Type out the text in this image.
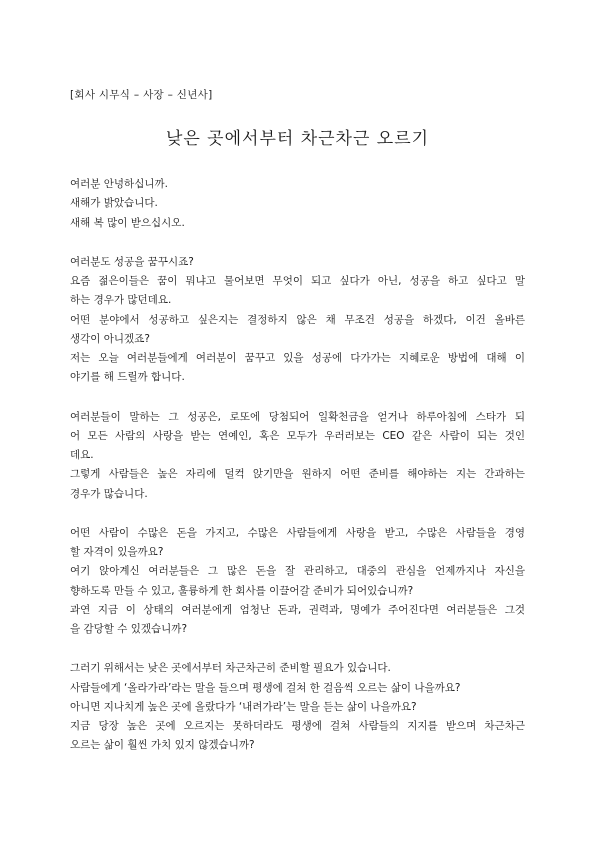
[회사 시무식 – 사장 – 신년사]
낮은 곳에서부터 차근차근 오르기
여러분 안녕하십니까.
새해가 밝았습니다.
새해 복 많이 받으십시오.
여러분도 성공을 꿈꾸시죠?
요즘 젊은이들은 꿈이 뭐냐고 물어보면 무엇이 되고 싶다가 아닌, 성공을 하고 싶다고 말
하는 경우가 많던데요.
어떤 분야에서 성공하고 싶은지는 결정하지 않은 채 무조건 성공을 하겠다, 이건 올바른
생각이 아니겠죠?
저는 오늘 여러분들에게 여러분이 꿈꾸고 있을 성공에 다가가는 지혜로운 방법에 대해 이
야기를 해 드릴까 합니다.
여러분들이 말하는 그 성공은, 로또에 당첨되어 일확천금을 얻거나 하루아침에 스타가 되
어 모든 사람의 사랑을 받는 연예인, 혹은 모두가 우러러보는 CEO 같은 사람이 되는 것인
데요.
그렇게 사람들은 높은 자리에 덜컥 앉기만을 원하지 어떤 준비를 해야하는 지는 간과하는
경우가 많습니다.
어떤 사람이 수많은 돈을 가지고, 수많은 사람들에게 사랑을 받고, 수많은 사람들을 경영
할 자격이 있을까요?
여기 앉아계신 여러분들은 그 많은 돈을 잘 관리하고, 대중의 관심을 언제까지나 자신을
향하도록 만들 수 있고, 훌륭하게 한 회사를 이끌어갈 준비가 되어있습니까?
과연 지금 이 상태의 여러분에게 엄청난 돈과, 권력과, 명예가 주어진다면 여러분들은 그것
을 감당할 수 있겠습니까?
그러기 위해서는 낮은 곳에서부터 차근차근히 준비할 필요가 있습니다.
사람들에게 ‘올라가라’라는 말을 들으며 평생에 걸쳐 한 걸음씩 오르는 삶이 나을까요?
아니면 지나치게 높은 곳에 올랐다가 ‘내려가라’는 말을 듣는 삶이 나을까요?
지금 당장 높은 곳에 오르지는 못하더라도 평생에 걸쳐 사람들의 지지를 받으며 차근차근
오르는 삶이 훨씬 가치 있지 않겠습니까?
